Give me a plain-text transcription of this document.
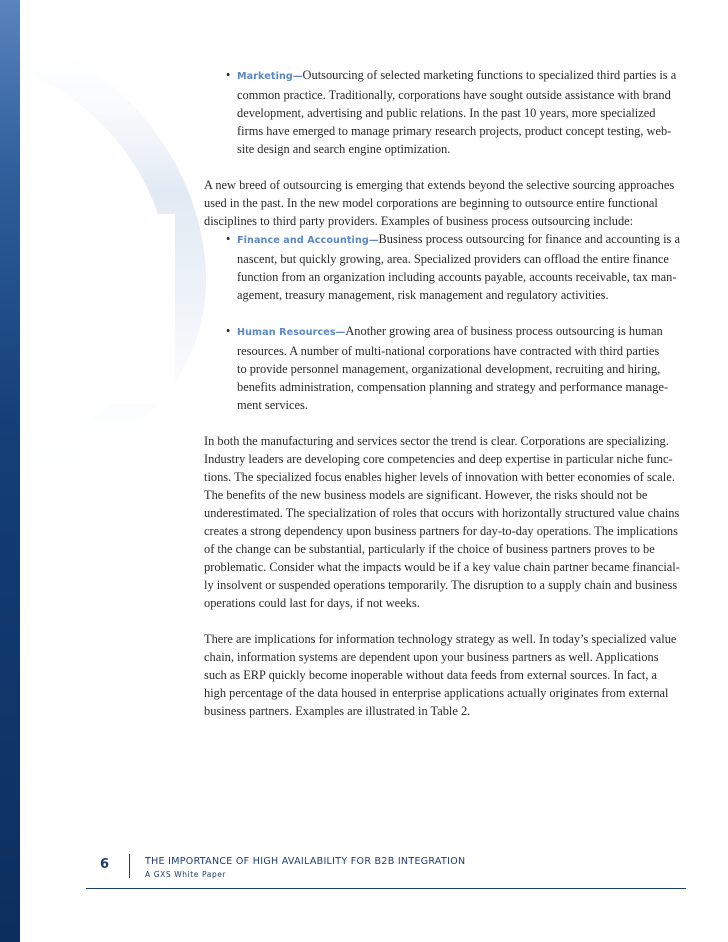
The business process out-
sourcing model in which
companies outsource
entire organizational func-
tions such as human
resources or finance is
becoming increasingly
popular.
• Marketing—Outsourcing of selected marketing functions to specialized third parties is a
common practice. Traditionally, corporations have sought outside assistance with brand
development, advertising and public relations. In the past 10 years, more specialized
firms have emerged to manage primary research projects, product concept testing, web-
site design and search engine optimization.
A new breed of outsourcing is emerging that extends beyond the selective sourcing approaches
used in the past. In the new model corporations are beginning to outsource entire functional
disciplines to third party providers. Examples of business process outsourcing include:
• Finance and Accounting—Business process outsourcing for finance and accounting is a
nascent, but quickly growing, area. Specialized providers can offload the entire finance
function from an organization including accounts payable, accounts receivable, tax man-
agement, treasury management, risk management and regulatory activities.
• Human Resources—Another growing area of business process outsourcing is human
resources. A number of multi-national corporations have contracted with third parties
to provide personnel management, organizational development, recruiting and hiring,
benefits administration, compensation planning and strategy and performance manage-
ment services.
In both the manufacturing and services sector the trend is clear. Corporations are specializing.
Industry leaders are developing core competencies and deep expertise in particular niche func-
tions. The specialized focus enables higher levels of innovation with better economies of scale.
The benefits of the new business models are significant. However, the risks should not be
underestimated. The specialization of roles that occurs with horizontally structured value chains
creates a strong dependency upon business partners for day-to-day operations. The implications
of the change can be substantial, particularly if the choice of business partners proves to be
problematic. Consider what the impacts would be if a key value chain partner became financial-
ly insolvent or suspended operations temporarily. The disruption to a supply chain and business
operations could last for days, if not weeks.
There are implications for information technology strategy as well. In today’s specialized value
chain, information systems are dependent upon your business partners as well. Applications
such as ERP quickly become inoperable without data feeds from external sources. In fact, a
high percentage of the data housed in enterprise applications actually originates from external
business partners. Examples are illustrated in Table 2.
6	THE IMPORTANCE OF HIGH AVAILABILITY FOR B2B INTEGRATION
A GXS White Paper
